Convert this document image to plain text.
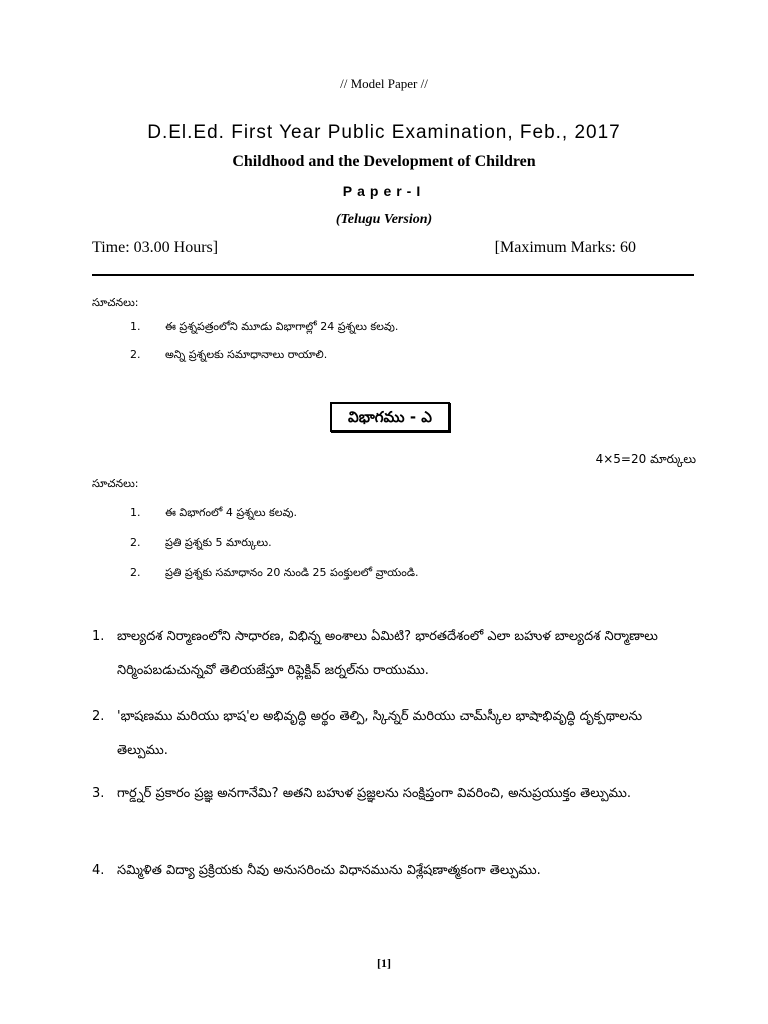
// Model Paper //
D.El.Ed. First Year Public Examination, Feb., 2017
Childhood and the Development of Children
Paper-I
(Telugu Version)
Time: 03.00 Hours]	[Maximum Marks: 60
సూచనలు:
1. ఈ ప్రశ్నపత్రంలోని మూడు విభాగాల్లో 24 ప్రశ్నలు కలవు.
2. అన్ని ప్రశ్నలకు సమాధానాలు రాయాలి.
విభాగము - ఎ
4×5=20 మార్కులు
సూచనలు:
1. ఈ విభాగంలో 4 ప్రశ్నలు కలవు.
2. ప్రతి ప్రశ్నకు 5 మార్కులు.
2. ప్రతి ప్రశ్నకు సమాధానం 20 నుండి 25 పంక్తులలో వ్రాయండి.
1. బాల్యదశ నిర్మాణంలోని సాధారణ, విభిన్న అంశాలు ఏమిటి? భారతదేశంలో ఎలా బహుళ బాల్యదశ నిర్మాణాలు నిర్మింపబడుచున్నవో తెలియజేస్తూ రిఫ్లెక్టివ్ జర్నల్‌ను రాయుము.
2. 'భాషణము మరియు భాష'ల అభివృద్ధి అర్థం తెల్పి, స్కిన్నర్ మరియు చామ్‌స్కీల భాషాభివృద్ధి దృక్పథాలను తెల్పుము.
3. గార్డ్నర్ ప్రకారం ప్రజ్ఞ అనగానేమి? అతని బహుళ ప్రజ్ఞలను సంక్షిప్తంగా వివరించి, అనుప్రయుక్తం తెల్పుము.
4. సమ్మిళిత విద్యా ప్రక్రియకు నీవు అనుసరించు విధానమును విశ్లేషణాత్మకంగా తెల్పుము.
[1]
